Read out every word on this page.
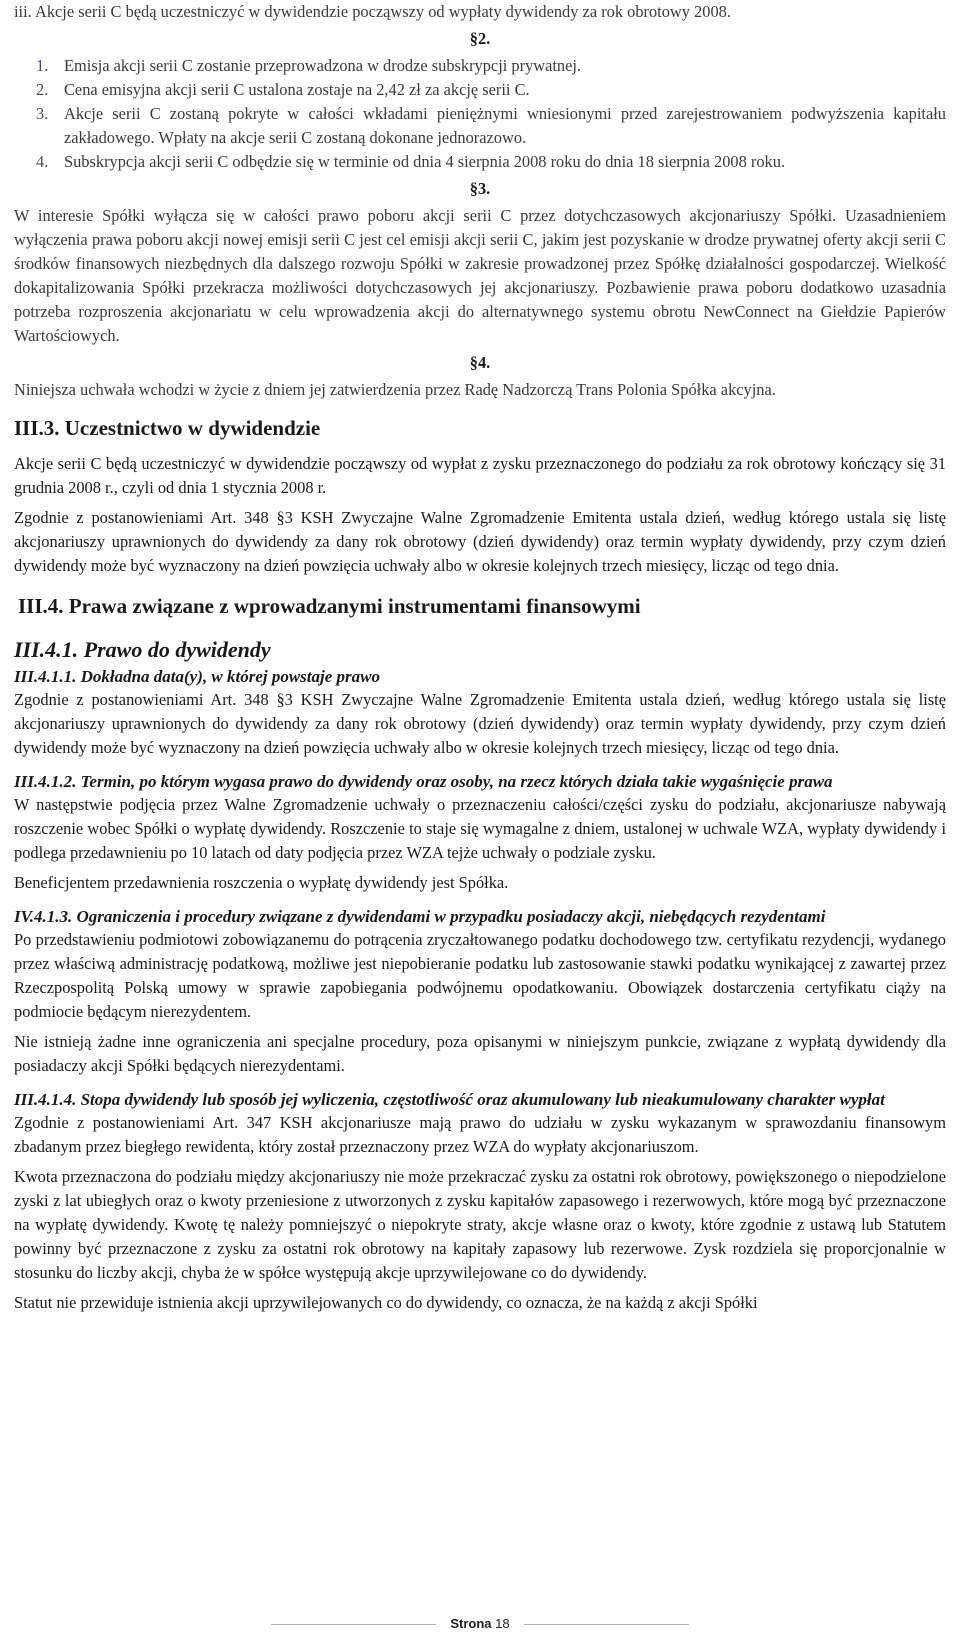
iii. Akcje serii C będą uczestniczyć w dywidendzie począwszy od wypłaty dywidendy za rok obrotowy 2008.

§2.
1. Emisja akcji serii C zostanie przeprowadzona w drodze subskrypcji prywatnej.
2. Cena emisyjna akcji serii C ustalona zostaje na 2,42 zł za akcję serii C.
3. Akcje serii C zostaną pokryte w całości wkładami pieniężnymi wniesionymi przed zarejestrowaniem podwyższenia kapitału zakładowego. Wpłaty na akcje serii C zostaną dokonane jednorazowo.
4. Subskrypcja akcji serii C odbędzie się w terminie od dnia 4 sierpnia 2008 roku do dnia 18 sierpnia 2008 roku.
§3.

W interesie Spółki wyłącza się w całości prawo poboru akcji serii C przez dotychczasowych akcjonariuszy Spółki. Uzasadnieniem wyłączenia prawa poboru akcji nowej emisji serii C jest cel emisji akcji serii C, jakim jest pozyskanie w drodze prywatnej oferty akcji serii C środków finansowych niezbędnych dla dalszego rozwoju Spółki w zakresie prowadzonej przez Spółkę działalności gospodarczej. Wielkość dokapitalizowania Spółki przekracza możliwości dotychczasowych jej akcjonariuszy. Pozbawienie prawa poboru dodatkowo uzasadnia potrzeba rozproszenia akcjonariatu w celu wprowadzenia akcji do alternatywnego systemu obrotu NewConnect na Giełdzie Papierów Wartościowych.

§4.

Niniejsza uchwała wchodzi w życie z dniem jej zatwierdzenia przez Radę Nadzorczą Trans Polonia Spółka akcyjna.

III.3. Uczestnictwo w dywidendzie

Akcje serii C będą uczestniczyć w dywidendzie począwszy od wypłat z zysku przeznaczonego do podziału za rok obrotowy kończący się 31 grudnia 2008 r., czyli od dnia 1 stycznia 2008 r.

Zgodnie z postanowieniami Art. 348 §3 KSH Zwyczajne Walne Zgromadzenie Emitenta ustala dzień, według którego ustala się listę akcjonariuszy uprawnionych do dywidendy za dany rok obrotowy (dzień dywidendy) oraz termin wypłaty dywidendy, przy czym dzień dywidendy może być wyznaczony na dzień powzięcia uchwały albo w okresie kolejnych trzech miesięcy, licząc od tego dnia.

III.4. Prawa związane z wprowadzanymi instrumentami finansowymi
III.4.1. Prawo do dywidendy
III.4.1.1. Dokładna data(y), w której powstaje prawo

Zgodnie z postanowieniami Art. 348 §3 KSH Zwyczajne Walne Zgromadzenie Emitenta ustala dzień, według którego ustala się listę akcjonariuszy uprawnionych do dywidendy za dany rok obrotowy (dzień dywidendy) oraz termin wypłaty dywidendy, przy czym dzień dywidendy może być wyznaczony na dzień powzięcia uchwały albo w okresie kolejnych trzech miesięcy, licząc od tego dnia.

III.4.1.2. Termin, po którym wygasa prawo do dywidendy oraz osoby, na rzecz których działa takie wygaśnięcie prawa

W następstwie podjęcia przez Walne Zgromadzenie uchwały o przeznaczeniu całości/części zysku do podziału, akcjonariusze nabywają roszczenie wobec Spółki o wypłatę dywidendy. Roszczenie to staje się wymagalne z dniem, ustalonej w uchwale WZA, wypłaty dywidendy i podlega przedawnieniu po 10 latach od daty podjęcia przez WZA tejże uchwały o podziale zysku.

Beneficjentem przedawnienia roszczenia o wypłatę dywidendy jest Spółka.

IV.4.1.3. Ograniczenia i procedury związane z dywidendami w przypadku posiadaczy akcji, niebędących rezydentami

Po przedstawieniu podmiotowi zobowiązanemu do potrącenia zryczałtowanego podatku dochodowego tzw. certyfikatu rezydencji, wydanego przez właściwą administrację podatkową, możliwe jest niepobieranie podatku lub zastosowanie stawki podatku wynikającej z zawartej przez Rzeczpospolitą Polską umowy w sprawie zapobiegania podwójnemu opodatkowaniu. Obowiązek dostarczenia certyfikatu ciąży na podmiocie będącym nierezydentem.

Nie istnieją żadne inne ograniczenia ani specjalne procedury, poza opisanymi w niniejszym punkcie, związane z wypłatą dywidendy dla posiadaczy akcji Spółki będących nierezydentami.

III.4.1.4. Stopa dywidendy lub sposób jej wyliczenia, częstotliwość oraz akumulowany lub nieakumulowany charakter wypłat

Zgodnie z postanowieniami Art. 347 KSH akcjonariusze mają prawo do udziału w zysku wykazanym w sprawozdaniu finansowym zbadanym przez biegłego rewidenta, który został przeznaczony przez WZA do wypłaty akcjonariuszom.

Kwota przeznaczona do podziału między akcjonariuszy nie może przekraczać zysku za ostatni rok obrotowy, powiększonego o niepodzielone zyski z lat ubiegłych oraz o kwoty przeniesione z utworzonych z zysku kapitałów zapasowego i rezerwowych, które mogą być przeznaczone na wypłatę dywidendy. Kwotę tę należy pomniejszyć o niepokryte straty, akcje własne oraz o kwoty, które zgodnie z ustawą lub Statutem powinny być przeznaczone z zysku za ostatni rok obrotowy na kapitały zapasowy lub rezerwowe. Zysk rozdziela się proporcjonalnie w stosunku do liczby akcji, chyba że w spółce występują akcje uprzywilejowane co do dywidendy.

Statut nie przewiduje istnienia akcji uprzywilejowanych co do dywidendy, co oznacza, że na każdą z akcji Spółki

Strona 18
